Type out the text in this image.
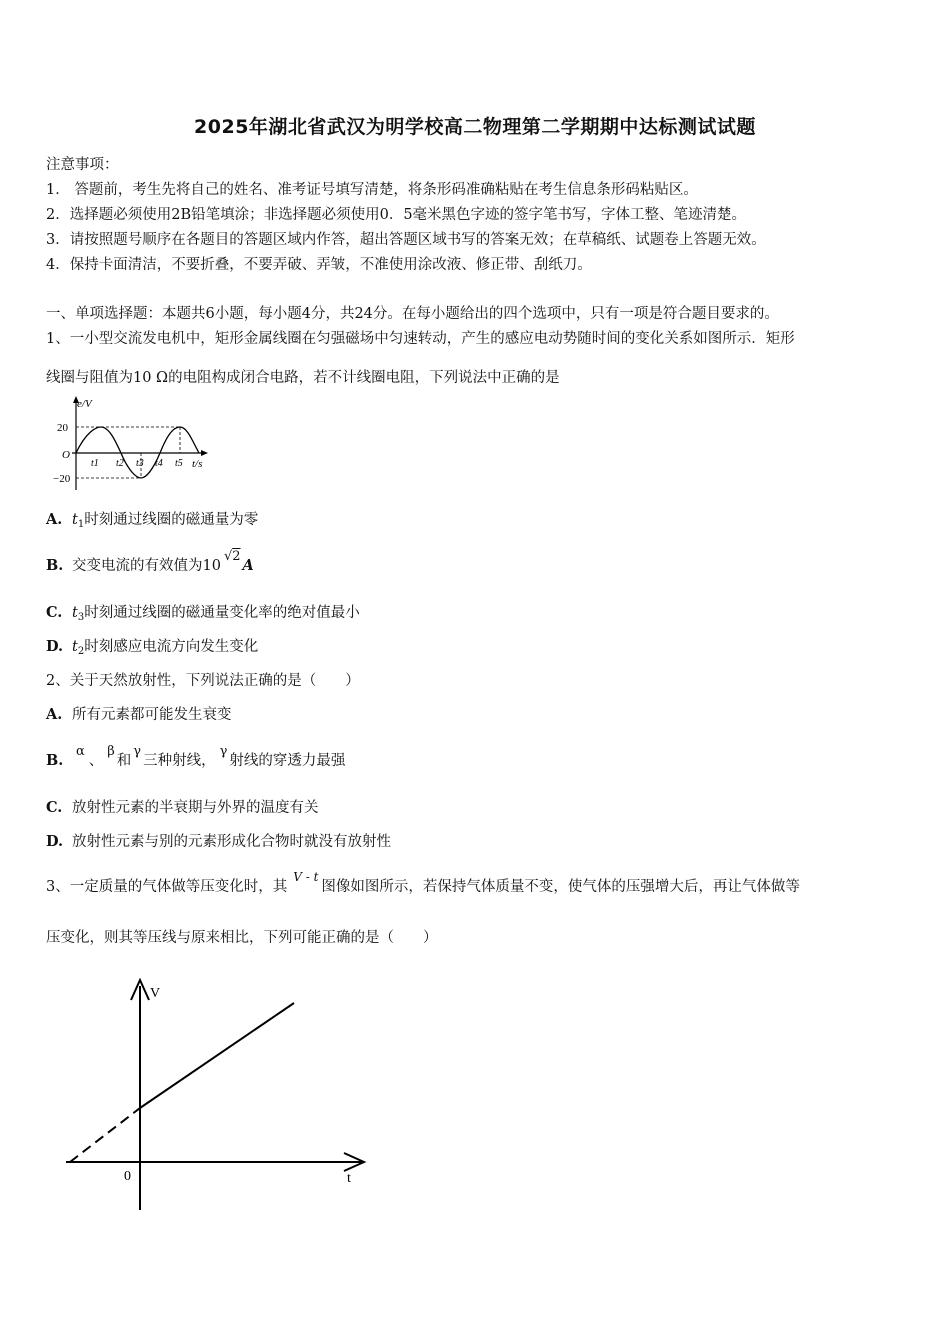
2025年湖北省武汉为明学校高二物理第二学期期中达标测试试题
注意事项：
1． 答题前，考生先将自己的姓名、准考证号填写清楚，将条形码准确粘贴在考生信息条形码粘贴区。
2．选择题必须使用2B铅笔填涂；非选择题必须使用0．5毫米黑色字迹的签字笔书写，字体工整、笔迹清楚。
3．请按照题号顺序在各题目的答题区域内作答，超出答题区域书写的答案无效；在草稿纸、试题卷上答题无效。
4．保持卡面清洁，不要折叠，不要弄破、弄皱，不准使用涂改液、修正带、刮纸刀。
一、单项选择题：本题共6小题，每小题4分，共24分。在每小题给出的四个选项中，只有一项是符合题目要求的。
1、一小型交流发电机中，矩形金属线圈在匀强磁场中匀速转动，产生的感应电动势随时间的变化关系如图所示．矩形
线圈与阻值为10 Ω的电阻构成闭合电路，若不计线圈电阻，下列说法中正确的是
e/V
t/s
O
20
−20
t1 t2 t3 t4 t5
A. $t_1$时刻通过线圈的磁通量为零
B. 交变电流的有效值为10√2A
C. $t_3$时刻通过线圈的磁通量变化率的绝对值最小
D. $t_2$时刻感应电流方向发生变化
2、关于天然放射性，下列说法正确的是（　　）
A. 所有元素都可能发生衰变
B.α、β和γ三种射线，γ射线的穿透力最强
C. 放射性元素的半衰期与外界的温度有关
D. 放射性元素与别的元素形成化合物时就没有放射性
3、一定质量的气体做等压变化时，其$^{V - t}$图像如图所示，若保持气体质量不变，使气体的压强增大后，再让气体做等
压变化，则其等压线与原来相比，下列可能正确的是（　　）
V
t
0
